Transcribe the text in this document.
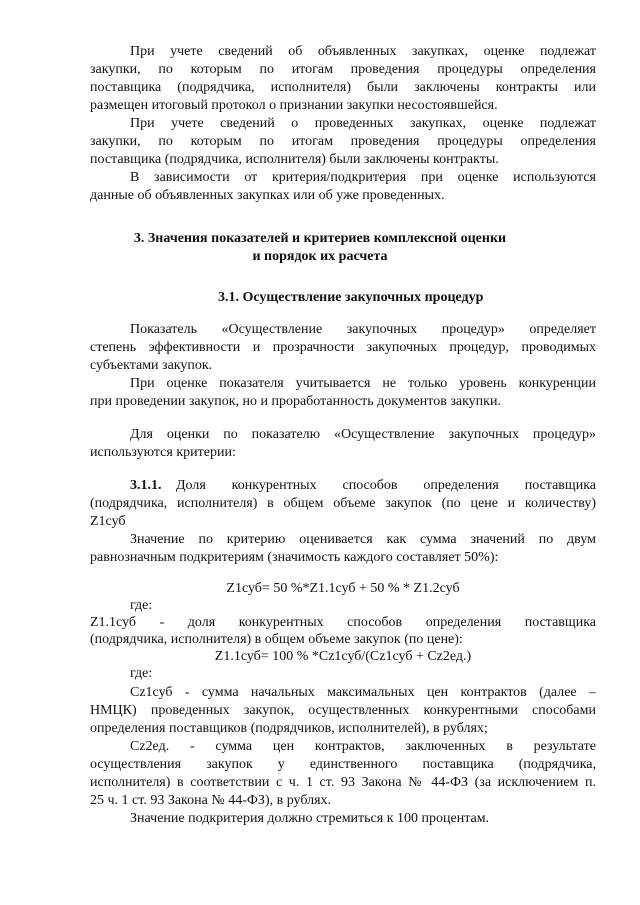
При учете сведений об объявленных закупках, оценке подлежат
закупки, по которым по итогам проведения процедуры определения
поставщика (подрядчика, исполнителя) были заключены контракты или
размещен итоговый протокол о признании закупки несостоявшейся.
При учете сведений о проведенных закупках, оценке подлежат
закупки, по которым по итогам проведения процедуры определения
поставщика (подрядчика, исполнителя) были заключены контракты.
В зависимости от критерия/подкритерия при оценке используются
данные об объявленных закупках или об уже проведенных.
3. Значения показателей и критериев комплексной оценки
и порядок их расчета
3.1. Осуществление закупочных процедур
Показатель «Осуществление закупочных процедур» определяет
степень эффективности и прозрачности закупочных процедур, проводимых
субъектами закупок.
При оценке показателя учитывается не только уровень конкуренции
при проведении закупок, но и проработанность документов закупки.
Для оценки по показателю «Осуществление закупочных процедур»
используются критерии:
3.1.1. Доля конкурентных способов определения поставщика
(подрядчика, исполнителя) в общем объеме закупок (по цене и количеству)
Z1суб
Значение по критерию оценивается как сумма значений по двум
равнозначным подкритериям (значимость каждого составляет 50%):
Z1суб= 50 %*Z1.1суб + 50 % * Z1.2суб
где:
Z1.1суб - доля конкурентных способов определения поставщика
(подрядчика, исполнителя) в общем объеме закупок (по цене):
Z1.1суб= 100 % *Cz1суб/(Cz1суб + Cz2ед.)
где:
Cz1суб - сумма начальных максимальных цен контрактов (далее –
НМЦК) проведенных закупок, осуществленных конкурентными способами
определения поставщиков (подрядчиков, исполнителей), в рублях;
Cz2ед. - сумма цен контрактов, заключенных в результате
осуществления закупок у единственного поставщика (подрядчика,
исполнителя) в соответствии с ч. 1 ст. 93 Закона № 44-ФЗ (за исключением п.
25 ч. 1 ст. 93 Закона № 44-ФЗ), в рублях.
Значение подкритерия должно стремиться к 100 процентам.
